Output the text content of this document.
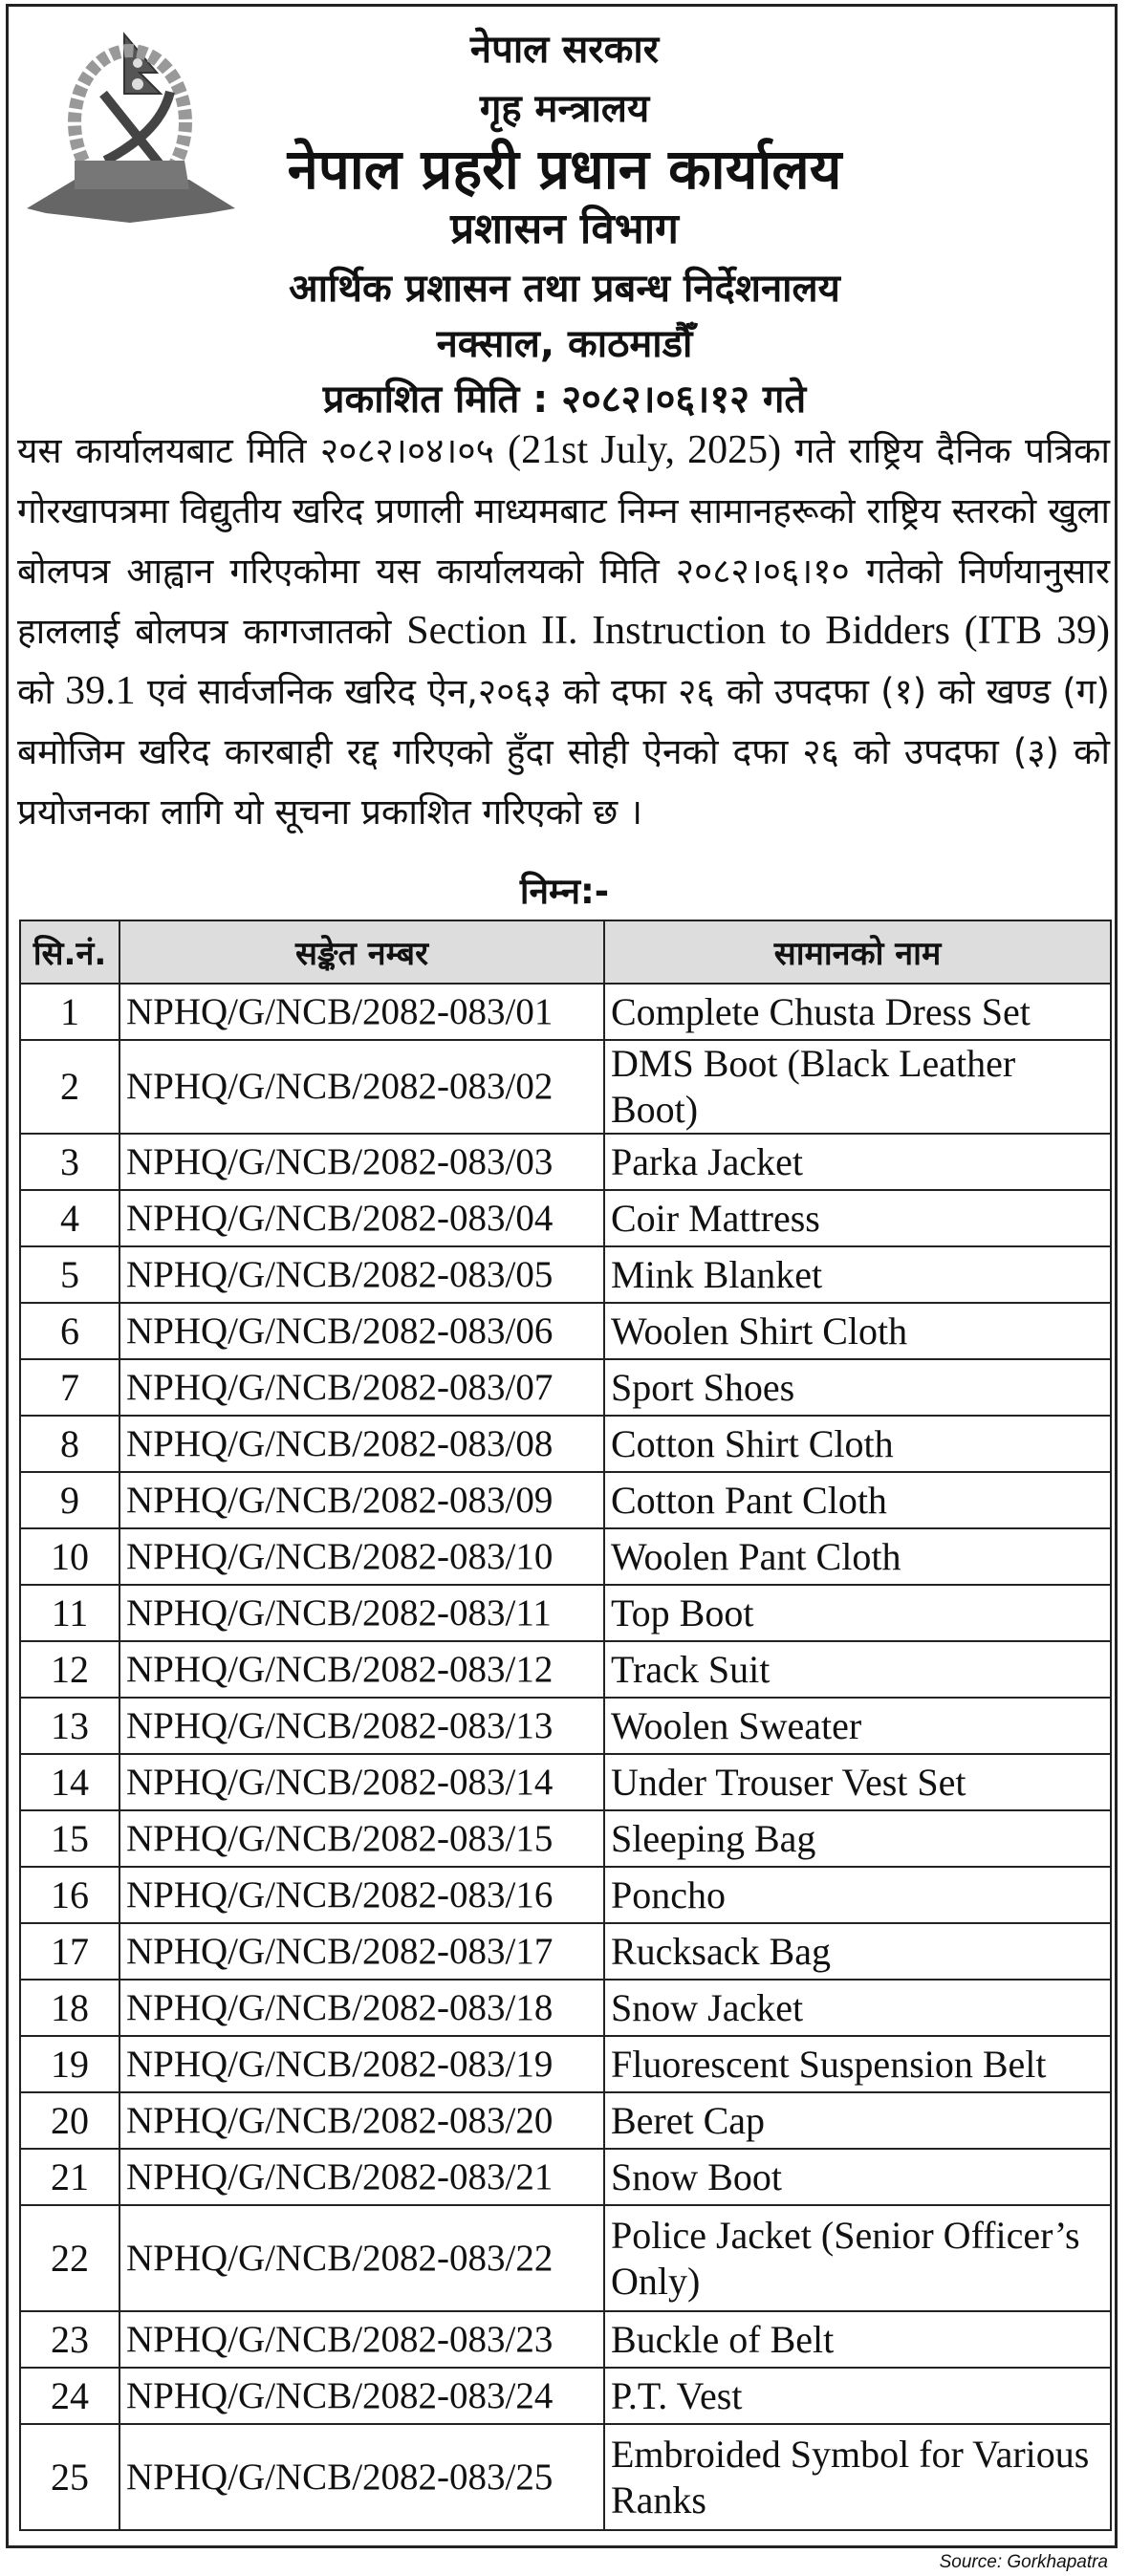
नेपाल सरकार
गृह मन्त्रालय
नेपाल प्रहरी प्रधान कार्यालय
प्रशासन विभाग
आर्थिक प्रशासन तथा प्रबन्ध निर्देशनालय
नक्साल, काठमाडौँ
प्रकाशित मिति : २०८२।०६।१२ गते
यस कार्यालयबाट मिति २०८२।०४।०५ (21st July, 2025) गते राष्ट्रिय दैनिक पत्रिका गोरखापत्रमा विद्युतीय खरिद प्रणाली माध्यमबाट निम्न सामानहरूको राष्ट्रिय स्तरको खुला बोलपत्र आह्वान गरिएकोमा यस कार्यालयको मिति २०८२।०६।१० गतेको निर्णयानुसार हाललाई बोलपत्र कागजातको Section II. Instruction to Bidders (ITB 39) को 39.1 एवं सार्वजनिक खरिद ऐन,२०६३ को दफा २६ को उपदफा (१) को खण्ड (ग) बमोजिम खरिद कारबाही रद्द गरिएको हुँदा सोही ऐनको दफा २६ को उपदफा (३) को प्रयोजनका लागि यो सूचना प्रकाशित गरिएको छ ।
निम्न:-
सि.नं.	सङ्केत नम्बर	सामानको नाम
1	NPHQ/G/NCB/2082-083/01	Complete Chusta Dress Set
2	NPHQ/G/NCB/2082-083/02	DMS Boot (Black Leather Boot)
3	NPHQ/G/NCB/2082-083/03	Parka Jacket
4	NPHQ/G/NCB/2082-083/04	Coir Mattress
5	NPHQ/G/NCB/2082-083/05	Mink Blanket
6	NPHQ/G/NCB/2082-083/06	Woolen Shirt Cloth
7	NPHQ/G/NCB/2082-083/07	Sport Shoes
8	NPHQ/G/NCB/2082-083/08	Cotton Shirt Cloth
9	NPHQ/G/NCB/2082-083/09	Cotton Pant Cloth
10	NPHQ/G/NCB/2082-083/10	Woolen Pant Cloth
11	NPHQ/G/NCB/2082-083/11	Top Boot
12	NPHQ/G/NCB/2082-083/12	Track Suit
13	NPHQ/G/NCB/2082-083/13	Woolen Sweater
14	NPHQ/G/NCB/2082-083/14	Under Trouser Vest Set
15	NPHQ/G/NCB/2082-083/15	Sleeping Bag
16	NPHQ/G/NCB/2082-083/16	Poncho
17	NPHQ/G/NCB/2082-083/17	Rucksack Bag
18	NPHQ/G/NCB/2082-083/18	Snow Jacket
19	NPHQ/G/NCB/2082-083/19	Fluorescent Suspension Belt
20	NPHQ/G/NCB/2082-083/20	Beret Cap
21	NPHQ/G/NCB/2082-083/21	Snow Boot
22	NPHQ/G/NCB/2082-083/22	Police Jacket (Senior Officer’s Only)
23	NPHQ/G/NCB/2082-083/23	Buckle of Belt
24	NPHQ/G/NCB/2082-083/24	P.T. Vest
25	NPHQ/G/NCB/2082-083/25	Embroided Symbol for Various Ranks
Source: Gorkhapatra
